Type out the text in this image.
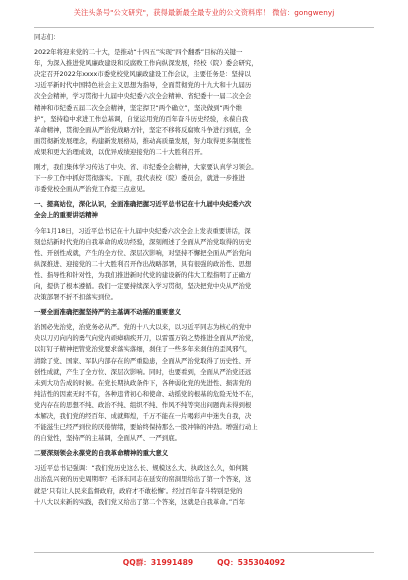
关注头条号"公文研究"，获得最新最全最专业的公文资料库！ 微信：gongwenyj
同志们：
2022年将迎来党的二十大，是推动“十四五”实现“四个翻番”目标的关键一
年，为深入推进党风廉政建设和反腐败工作向纵深发展，经校（院）委会研究，
决定召开2022年xxxx市委党校党风廉政建设工作会议，主要任务是：坚持以
习近平新时代中国特色社会主义思想为指导，全面贯彻党的十九大和十九届历
次全会精神，学习贯彻十九届中央纪委六次全会精神、省纪委十一届二次全会
精神和市纪委五届二次全会精神，坚定捍卫“两个确立”，坚决做到“两个维
护”，坚持稳中求进工作总基调，自觉运用党的百年奋斗历史经验，永葆自我
革命精神，贯彻全面从严治党战略方针，坚定不移将反腐败斗争进行到底，全
面贯彻新发展理念，构建新发展格局，推动高质量发展，努力取得更多制度性
成果和更大治理成效，以优异成绩迎接党的二十大胜利召开。
刚才，我们集体学习传达了中央、省、市纪委全会精神，大家要认真学习领会。
下一步工作中抓好贯彻落实。下面，我代表校（院）委员会，就进一步推进
市委党校全面从严治党工作提三点意见。
一、提高站位，深化认识，全面准确把握习近平总书记在十九届中央纪委六次
全会上的重要讲话精神
今年1月18日，习近平总书记在十九届中央纪委六次全会上发表重要讲话，深
刻总结新时代党的自我革命的成功经验，深刻阐述了全面从严治党取得的历史
性、开创性成就，产生的全方位、深层次影响，对坚持不懈把全面从严治党向
纵深推进、迎接党的二十大胜利召开作出战略部署，具有很强的政治性、思想
性、指导性和针对性，为我们推进新时代党的建设新的伟大工程指明了正确方
向，提供了根本遵循。我们一定要持续深入学习贯彻，坚决把党中央从严治党
决策部署不折不扣落实到位。
一要全面准确把握坚持严的主基调不动摇的重要意义
治国必先治党，治党务必从严。党的十八大以来，以习近平同志为核心的党中
央以刀刃向内的勇气向党内顽瘴痼疾开刀，以雷霆万钧之势推进全面从严治党，
以钉钉子精神把管党治党要求落实落细，刹住了一些多年来刹住的歪风邪气，
清除了党、国家、军队内部存在的严重隐患，全面从严治党取得了历史性、开
创性成就，产生了全方位、深层次影响。同时，也要看到，全面从严治党还远
未到大功告成的时候。在党长期执政条件下，各种弱化党的先进性、损害党的
纯洁性的因素无时不有，各种违背初心和使命、动摇党的根基的危险无处不在，
党内存在的思想不纯、政治不纯、组织不纯、作风不纯等突出问题尚未得到根
本解决，我们党的经百年、成就辉煌，千万不能在一片喝彩声中迷失自我，决
不能滋生已经严到位的厌倦情绪，要始终保持那么一股冲锋的冲劲。增强行动上
的自觉性，坚持严的主基调，全面从严、一严到底。
二要深刻领会永葆党的自我革命精神的重大意义
习近平总书记强调：“我们党历史这么长、规模这么大、执政这么久，如何跳
出治乱兴衰的历史周期率？毛泽东同志在延安的窑洞里给出了第一个答案，这
就是‘只有让人民来监督政府，政府才不敢松懈’。经过百年奋斗特别是党的
十八大以来新的实践，我们党又给出了第二个答案，这就是自我革命。”百年
QQ群：31991489	QQ：535304092
